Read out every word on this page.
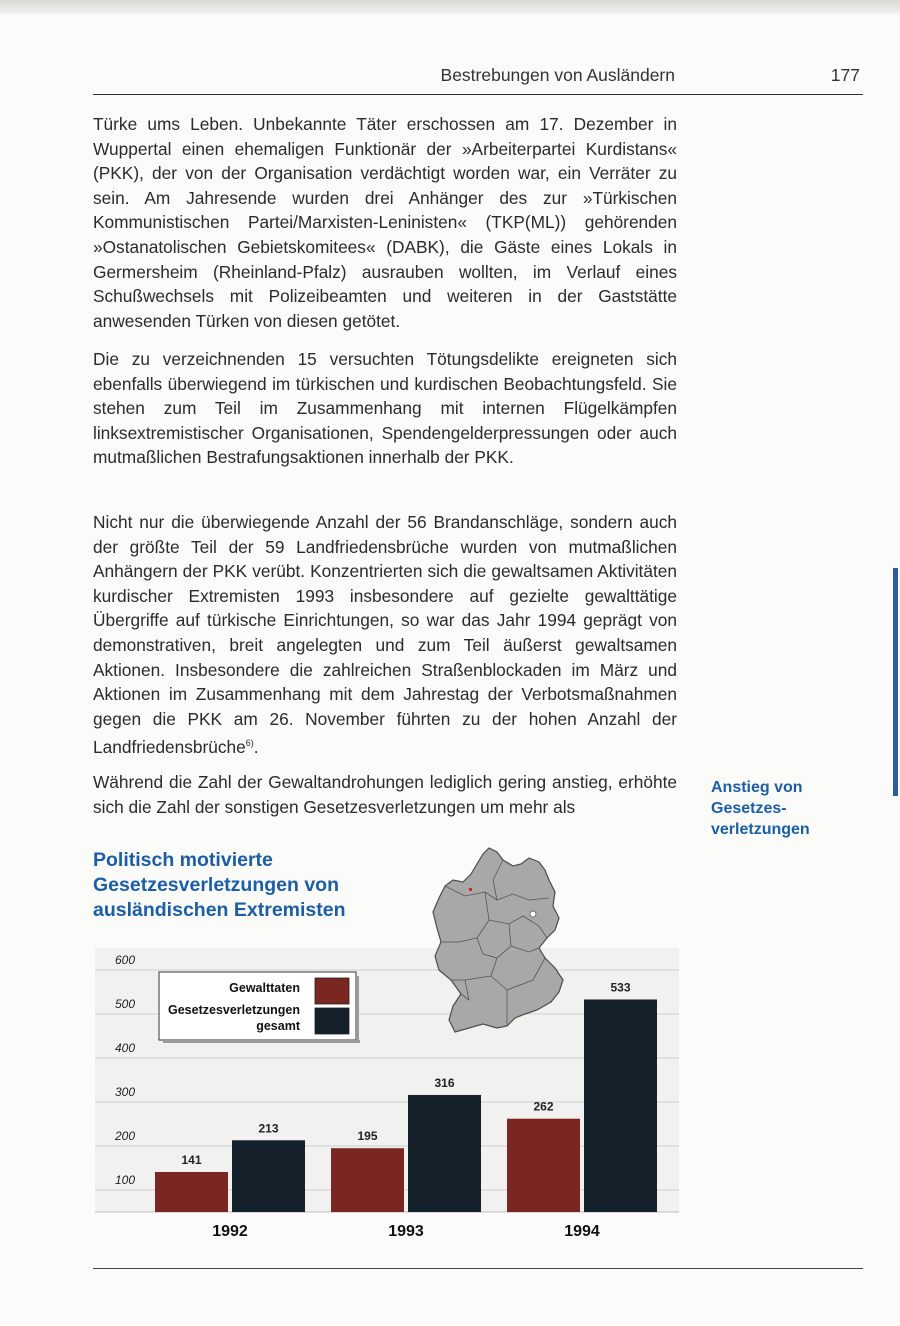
Bestrebungen von Ausländern	177

Türke ums Leben. Unbekannte Täter erschossen am 17. Dezember in Wuppertal einen ehemaligen Funktionär der »Arbeiterpartei Kurdistans« (PKK), der von der Organisation verdächtigt worden war, ein Verräter zu sein. Am Jahresende wurden drei Anhänger des zur »Türkischen Kommunistischen Partei/Marxisten-Leninisten« (TKP(ML)) gehörenden »Ostanatolischen Gebietskomitees« (DABK), die Gäste eines Lokals in Germersheim (Rheinland-Pfalz) ausrauben wollten, im Verlauf eines Schußwechsels mit Polizeibeamten und weiteren in der Gaststätte anwesenden Türken von diesen getötet.

Die zu verzeichnenden 15 versuchten Tötungsdelikte ereigneten sich ebenfalls überwiegend im türkischen und kurdischen Beobachtungsfeld. Sie stehen zum Teil im Zusammenhang mit internen Flügelkämpfen linksextremistischer Organisationen, Spendengelderpressungen oder auch mutmaßlichen Bestrafungsaktionen innerhalb der PKK.

Nicht nur die überwiegende Anzahl der 56 Brandanschläge, sondern auch der größte Teil der 59 Landfriedensbrüche wurden von mutmaßlichen Anhängern der PKK verübt. Konzentrierten sich die gewaltsamen Aktivitäten kurdischer Extremisten 1993 insbesondere auf gezielte gewalttätige Übergriffe auf türkische Einrichtungen, so war das Jahr 1994 geprägt von demonstrativen, breit angelegten und zum Teil äußerst gewaltsamen Aktionen. Insbesondere die zahlreichen Straßenblockaden im März und Aktionen im Zusammenhang mit dem Jahrestag der Verbotsmaßnahmen gegen die PKK am 26. November führten zu der hohen Anzahl der Landfriedensbrüche$^{6)}$.

Während die Zahl der Gewaltandrohungen lediglich gering anstieg, erhöhte sich die Zahl der sonstigen Gesetzesverletzungen um mehr als

Anstieg von
Gesetzes-
verletzungen
Politisch motivierte
Gesetzesverletzungen von
ausländischen Extremisten
100
200
300
400
500
600
141
213
195
316
262
533
1992	1993	1994
Gewalttaten
Gesetzesverletzungen
gesamt
